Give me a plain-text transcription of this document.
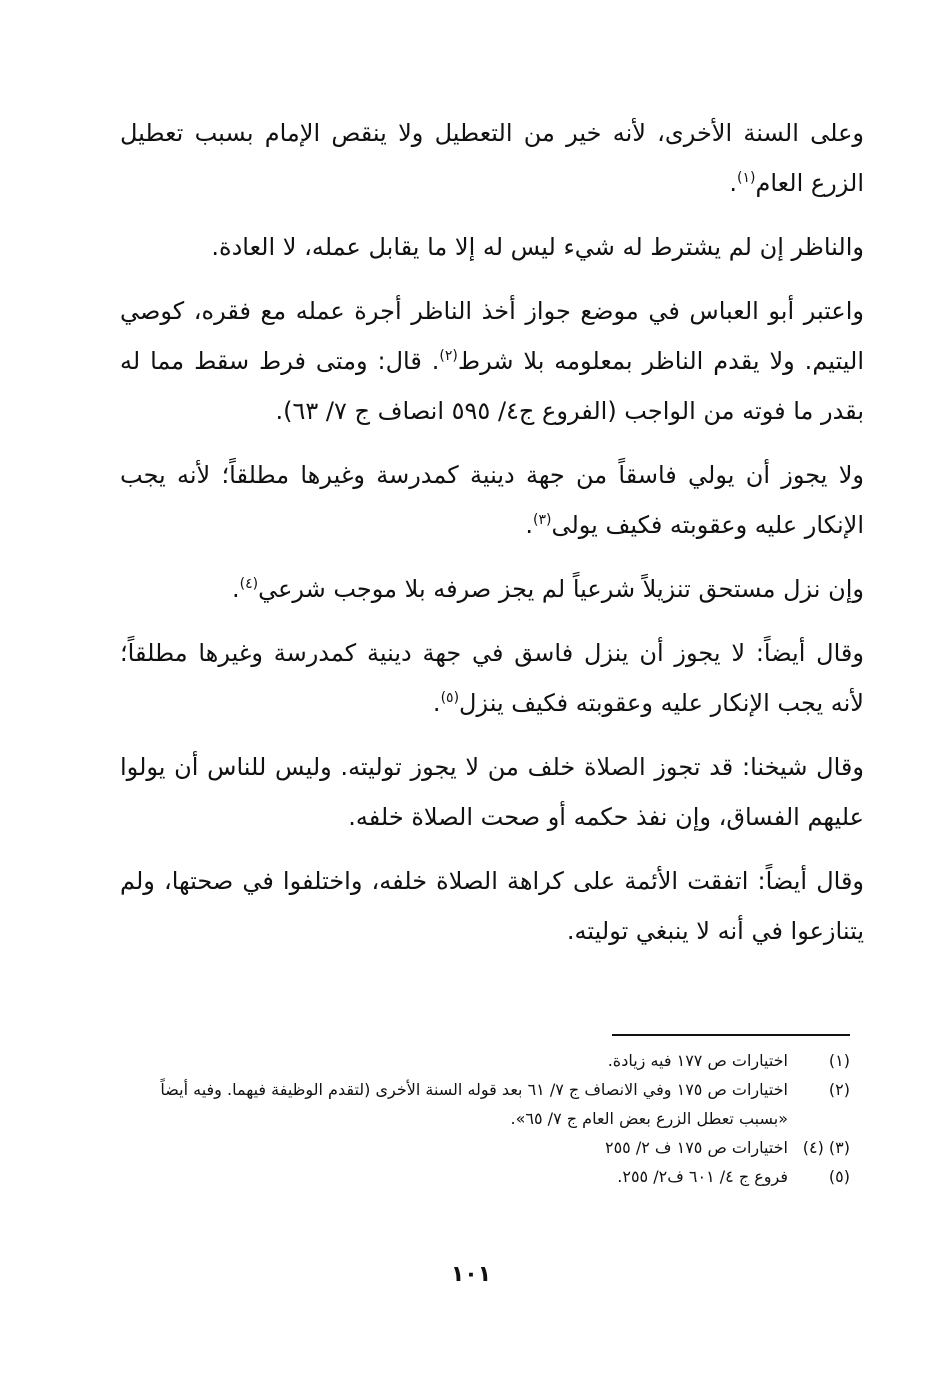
وعلى السنة الأخرى، لأنه خير من التعطيل ولا ينقص الإمام بسبب تعطيل الزرع العام$^{(١)}$.

والناظر إن لم يشترط له شيء ليس له إلا ما يقابل عمله، لا العادة.

واعتبر أبو العباس في موضع جواز أخذ الناظر أجرة عمله مع فقره، كوصي اليتيم. ولا يقدم الناظر بمعلومه بلا شرط$^{(٢)}$. قال: ومتى فرط سقط مما له بقدر ما فوته من الواجب (الفروع ج٤/ ٥٩٥ انصاف ج ٧/ ٦٣).

ولا يجوز أن يولي فاسقاً من جهة دينية كمدرسة وغيرها مطلقاً؛ لأنه يجب الإنكار عليه وعقوبته فكيف يولى$^{(٣)}$.

وإن نزل مستحق تنزيلاً شرعياً لم يجز صرفه بلا موجب شرعي$^{(٤)}$.

وقال أيضاً: لا يجوز أن ينزل فاسق في جهة دينية كمدرسة وغيرها مطلقاً؛ لأنه يجب الإنكار عليه وعقوبته فكيف ينزل$^{(٥)}$.

وقال شيخنا: قد تجوز الصلاة خلف من لا يجوز توليته. وليس للناس أن يولوا عليهم الفساق، وإن نفذ حكمه أو صحت الصلاة خلفه.

وقال أيضاً: اتفقت الأئمة على كراهة الصلاة خلفه، واختلفوا في صحتها، ولم يتنازعوا في أنه لا ينبغي توليته.

(١)
اختيارات ص ١٧٧ فيه زيادة.

(٢)
اختيارات ص ١٧٥ وفي الانصاف ج ٧/ ٦١ بعد قوله السنة الأخرى (لتقدم الوظيفة فيهما. وفيه أيضاً «بسبب تعطل الزرع بعض العام ج ٧/ ٦٥».

(٣) (٤)
اختيارات ص ١٧٥ ف ٢/ ٢٥٥

(٥)
فروع ج ٤/ ٦٠١ ف٢/ ٢٥٥.

١٠١
